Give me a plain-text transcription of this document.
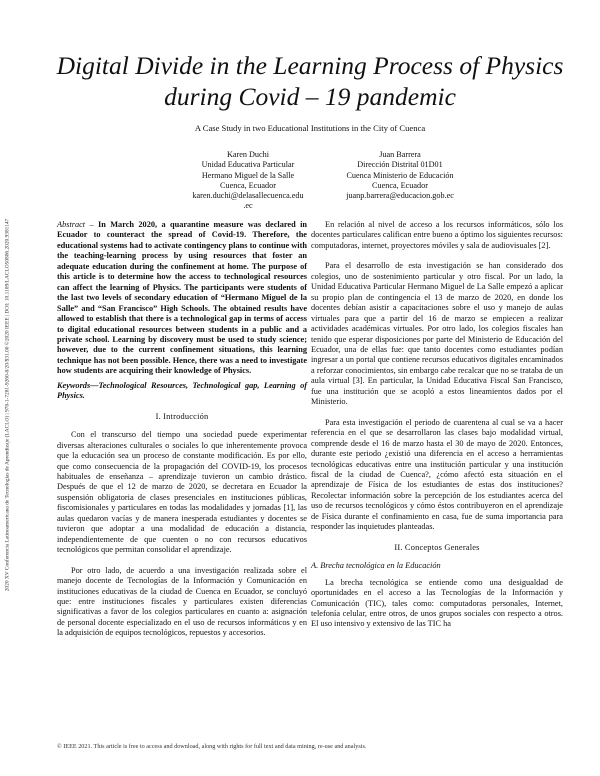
2020 XV Conferencia Latinoamericana de Tecnologías de Aprendizaje (LACLO) | 978-1-7281-9260-8/20/$31.00 ©2020 IEEE | DOI: 10.1109/LACLO50806.2020.9381147
Digital Divide in the Learning Process of Physics
during Covid – 19 pandemic
A Case Study in two Educational Institutions in the City of Cuenca
Karen Duchi
Unidad Educativa Particular
Hermano Miguel de la Salle
Cuenca, Ecuador
karen.duchi@delasallecuenca.edu
.ec
Juan Barrera
Dirección Distrital 01D01
Cuenca Ministerio de Educación
Cuenca, Ecuador
juanp.barrera@educacion.gob.ec

Abstract – In March 2020, a quarantine measure was declared in Ecuador to counteract the spread of Covid-19. Therefore, the educational systems had to activate contingency plans to continue with the teaching-learning process by using resources that foster an adequate education during the confinement at home. The purpose of this article is to determine how the access to technological resources can affect the learning of Physics. The participants were students of the last two levels of secondary education of “Hermano Miguel de la Salle” and “San Francisco” High Schools. The obtained results have allowed to establish that there is a technological gap in terms of access to digital educational resources between students in a public and a private school. Learning by discovery must be used to study science; however, due to the current confinement situations, this learning technique has not been possible. Hence, there was a need to investigate how students are acquiring their knowledge of Physics.

Keywords—Technological Resources, Technological gap, Learning of Physics.

I. Introducción

Con el transcurso del tiempo una sociedad puede experimentar diversas alteraciones culturales o sociales lo que inherentemente provoca que la educación sea un proceso de constante modificación. Es por ello, que como consecuencia de la propagación del COVID-19, los procesos habituales de enseñanza – aprendizaje tuvieron un cambio drástico. Después de que el 12 de marzo de 2020, se decretara en Ecuador la suspensión obligatoria de clases presenciales en instituciones públicas, fiscomisionales y particulares en todas las modalidades y jornadas [1], las aulas quedaron vacías y de manera inesperada estudiantes y docentes se tuvieron que adoptar a una modalidad de educación a distancia, independientemente de que cuenten o no con recursos educativos tecnológicos que permitan consolidar el aprendizaje.

Por otro lado, de acuerdo a una investigación realizada sobre el manejo docente de Tecnologías de la Información y Comunicación en instituciones educativas de la ciudad de Cuenca en Ecuador, se concluyó que: entre instituciones fiscales y particulares existen diferencias significativas a favor de los colegios particulares en cuanto a: asignación de personal docente especializado en el uso de recursos informáticos y en la adquisición de equipos tecnológicos, repuestos y accesorios.

En relación al nivel de acceso a los recursos informáticos, sólo los docentes particulares califican entre bueno a óptimo los siguientes recursos: computadoras, internet, proyectores móviles y sala de audiovisuales [2].

Para el desarrollo de esta investigación se han considerado dos colegios, uno de sostenimiento particular y otro fiscal. Por un lado, la Unidad Educativa Particular Hermano Miguel de La Salle empezó a aplicar su propio plan de contingencia el 13 de marzo de 2020, en donde los docentes debían asistir a capacitaciones sobre el uso y manejo de aulas virtuales para que a partir del 16 de marzo se empiecen a realizar actividades académicas virtuales. Por otro lado, los colegios fiscales han tenido que esperar disposiciones por parte del Ministerio de Educación del Ecuador, una de ellas fue: que tanto docentes como estudiantes podían ingresar a un portal que contiene recursos educativos digitales encaminados a reforzar conocimientos, sin embargo cabe recalcar que no se trataba de un aula virtual [3]. En particular, la Unidad Educativa Fiscal San Francisco, fue una institución que se acopló a estos lineamientos dados por el Ministerio.

Para esta investigación el periodo de cuarentena al cual se va a hacer referencia en el que se desarrollaron las clases bajo modalidad virtual, comprende desde el 16 de marzo hasta el 30 de mayo de 2020. Entonces, durante este periodo ¿existió una diferencia en el acceso a herramientas tecnológicas educativas entre una institución particular y una institución fiscal de la ciudad de Cuenca?, ¿cómo afectó esta situación en el aprendizaje de Física de los estudiantes de estas dos instituciones? Recolectar información sobre la percepción de los estudiantes acerca del uso de recursos tecnológicos y cómo éstos contribuyeron en el aprendizaje de Física durante el confinamiento en casa, fue de suma importancia para responder las inquietudes planteadas.

II. Conceptos Generales
A. Brecha tecnológica en la Educación

La brecha tecnológica se entiende como una desigualdad de oportunidades en el acceso a las Tecnologías de la Información y Comunicación (TIC), tales como: computadoras personales, Internet, telefonía celular, entre otros, de unos grupos sociales con respecto a otros. El uso intensivo y extensivo de las TIC ha

© IEEE 2021. This article is free to access and download, along with rights for full text and data mining, re-use and analysis.
